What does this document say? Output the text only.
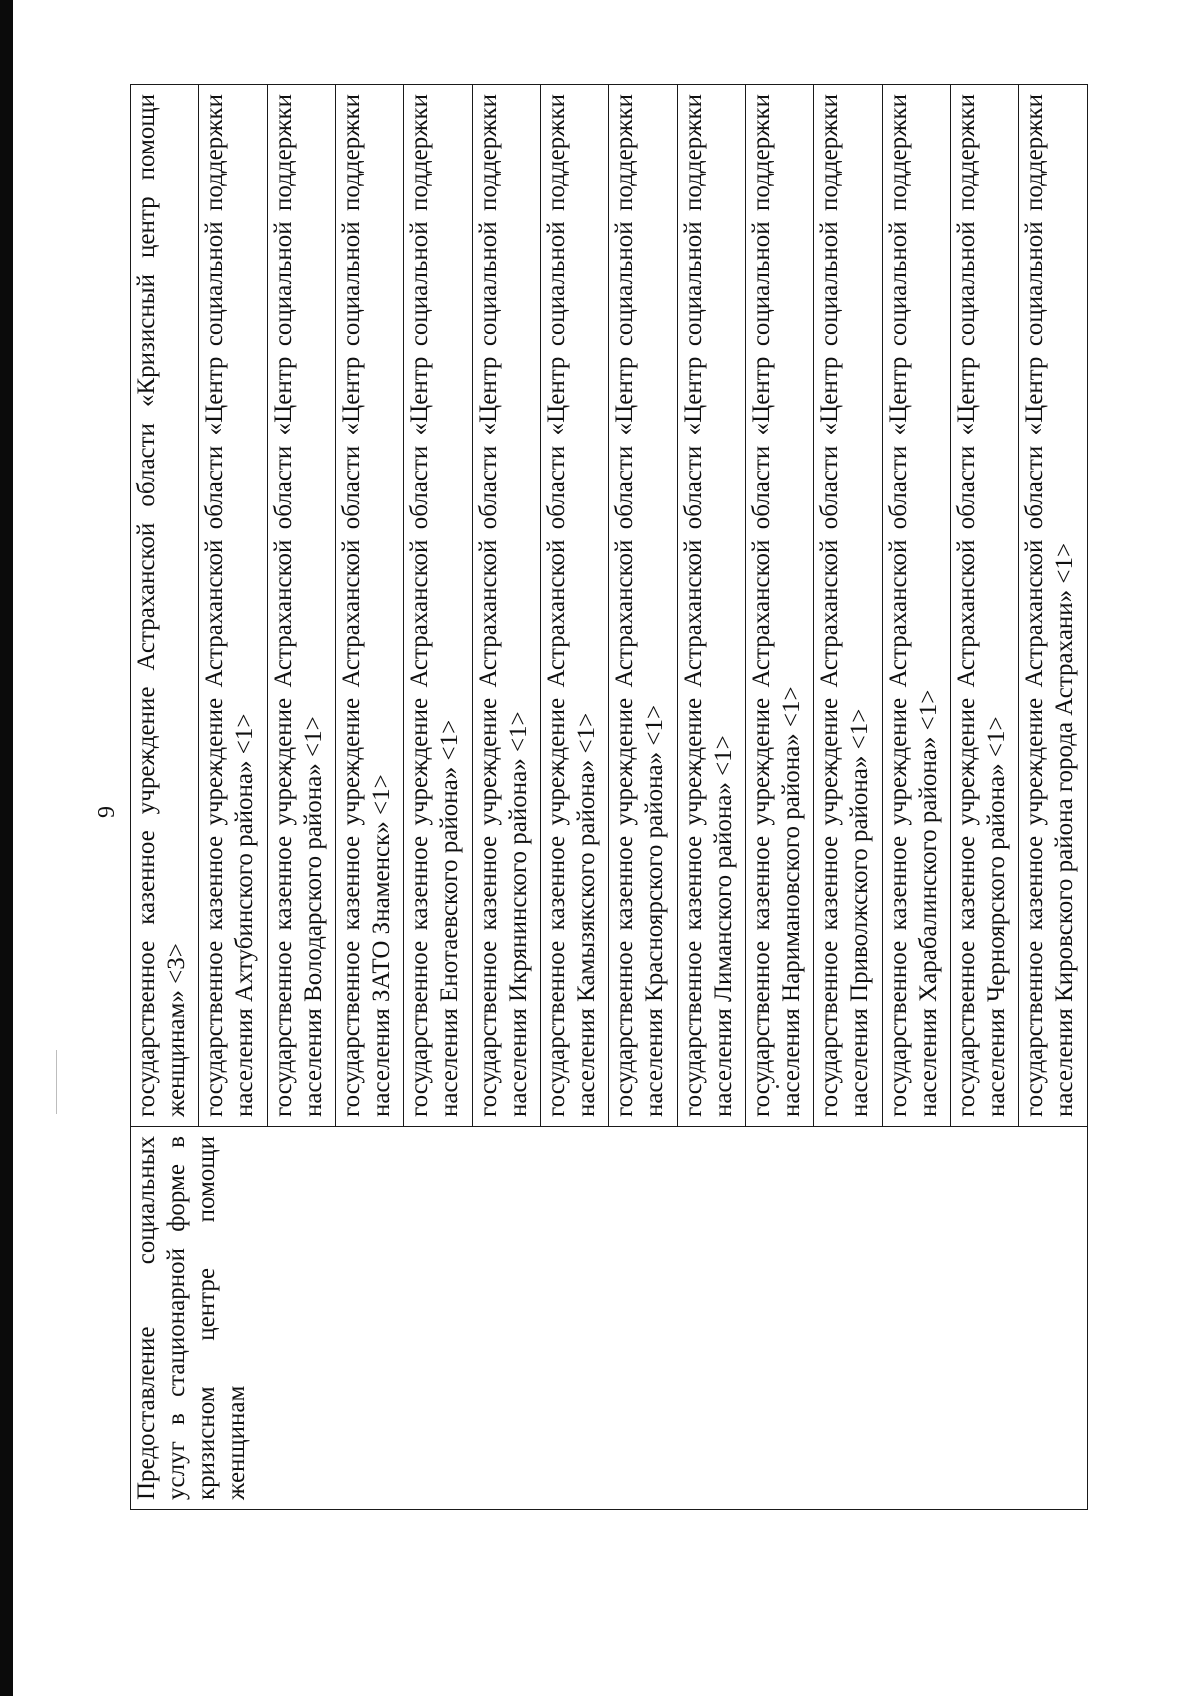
9
Предоставление социальных услуг в стационарной форме в кризисном центре помощи женщинам	государственное казенное учреждение Астраханской области «Кризисный центр помощи женщинам» <3>
государственное казенное учреждение Астраханской области «Центр социальной поддержки населения Ахтубинского района» <1>
государственное казенное учреждение Астраханской области «Центр социальной поддержки населения Володарского района» <1>
государственное казенное учреждение Астраханской области «Центр социальной поддержки населения ЗАТО Знаменск» <1>
государственное казенное учреждение Астраханской области «Центр социальной поддержки населения Енотаевского района» <1>
государственное казенное учреждение Астраханской области «Центр социальной поддержки населения Икрянинского района» <1>
государственное казенное учреждение Астраханской области «Центр социальной поддержки населения Камызякского района» <1>
государственное казенное учреждение Астраханской области «Центр социальной поддержки населения Красноярского района» <1>
государственное казенное учреждение Астраханской области «Центр социальной поддержки населения Лиманского района» <1>
государственное казенное учреждение Астраханской области «Центр социальной поддержки населения Наримановского района» <1>
государственное казенное учреждение Астраханской области «Центр социальной поддержки населения Приволжского района» <1>
государственное казенное учреждение Астраханской области «Центр социальной поддержки населения Харабалинского района» <1>
государственное казенное учреждение Астраханской области «Центр социальной поддержки населения Черноярского района» <1>
государственное казенное учреждение Астраханской области «Центр социальной поддержки населения Кировского района города Астрахани» <1>
